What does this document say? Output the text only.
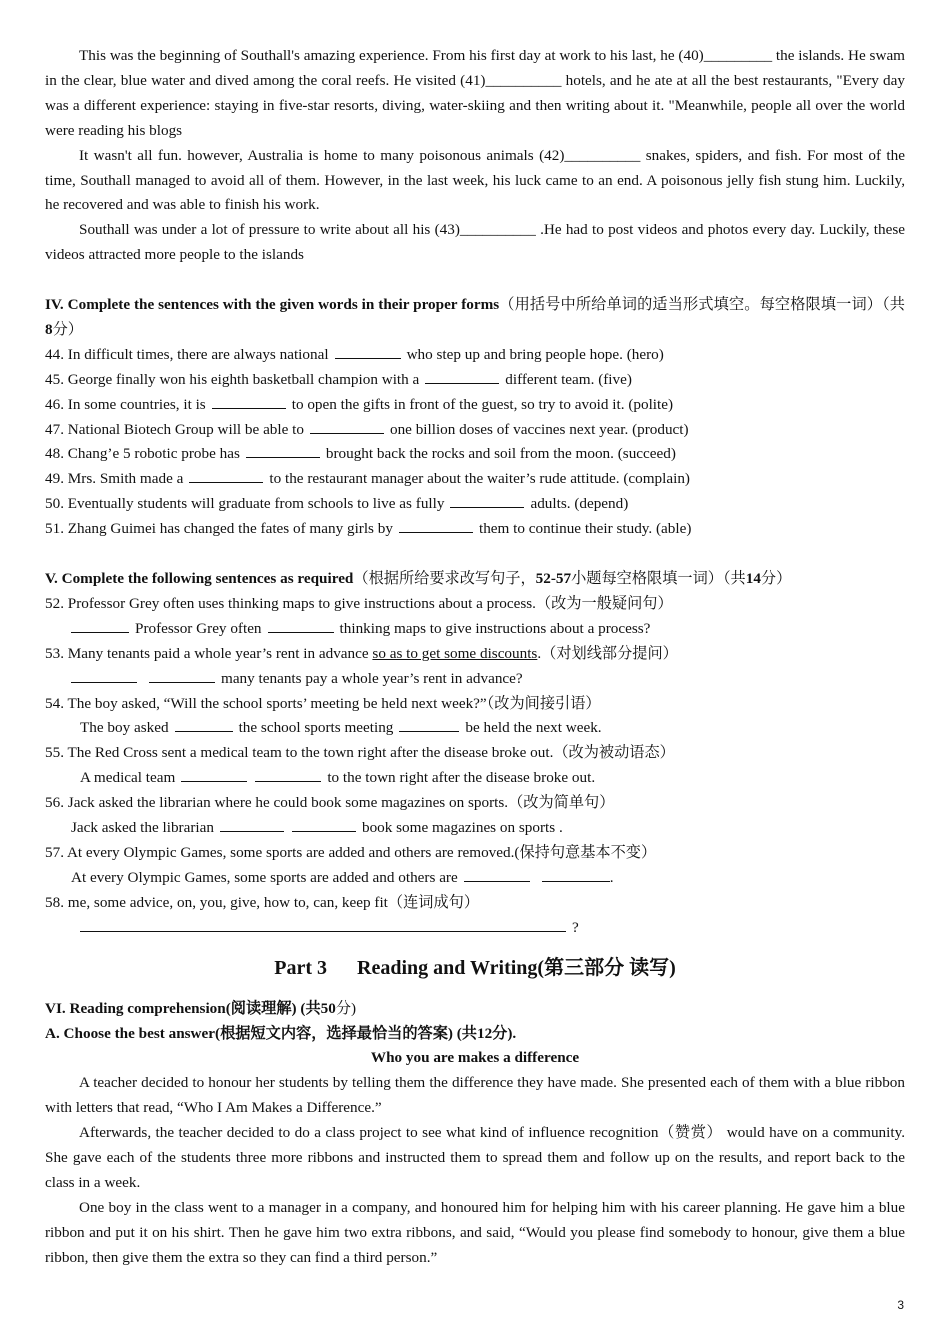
This was the beginning of Southall's amazing experience. From his first day at work to his last, he (40)_________ the islands. He swam in the clear, blue water and dived among the coral reefs. He visited (41)__________ hotels, and he ate at all the best restaurants, "Every day was a different experience: staying in five-star resorts, diving, water-skiing and then writing about it. "Meanwhile, people all over the world were reading his blogs

It wasn't all fun. however, Australia is home to many poisonous animals (42)__________ snakes, spiders, and fish. For most of the time, Southall managed to avoid all of them. However, in the last week, his luck came to an end. A poisonous jelly fish stung him. Luckily, he recovered and was able to finish his work.

Southall was under a lot of pressure to write about all his (43)__________ .He had to post videos and photos every day. Luckily, these videos attracted more people to the islands

IV. Complete the sentences with the given words in their proper forms（用括号中所给单词的适当形式填空。每空格限填一词）（共8分）

44. In difficult times, there are always national	who step up and bring people hope. (hero)
45. George finally won his eighth basketball champion with a	different team. (five)
46. In some countries, it is	to open the gifts in front of the guest, so try to avoid it. (polite)
47. National Biotech Group will be able to	one billion doses of vaccines next year. (product)
48. Chang’e 5 robotic probe has	brought back the rocks and soil from the moon. (succeed)
49. Mrs. Smith made a	to the restaurant manager about the waiter’s rude attitude. (complain)
50. Eventually students will graduate from schools to live as fully	adults. (depend)
51. Zhang Guimei has changed the fates of many girls by	them to continue their study. (able)

V. Complete the following sentences as required（根据所给要求改写句子，52-57小题每空格限填一词）（共14分）

52. Professor Grey often uses thinking maps to give instructions about a process.（改为一般疑问句）
Professor Grey often	thinking maps to give instructions about a process?
53. Many tenants paid a whole year’s rent in advance so as to get some discounts.（对划线部分提问）
many tenants pay a whole year’s rent in advance?
54. The boy asked, “Will the school sports’ meeting be held next week?”（改为间接引语）
The boy asked	the school sports meeting	be held the next week.
55. The Red Cross sent a medical team to the town right after the disease broke out.（改为被动语态）
A medical team	to the town right after the disease broke out.
56. Jack asked the librarian where he could book some magazines on sports.（改为简单句）
Jack asked the librarian	book some magazines on sports .
57. At every Olympic Games, some sports are added and others are removed.(保持句意基本不变）
At every Olympic Games, some sports are added and others are	.
58. me, some advice, on, you, give, how to, can, keep fit（连词成句）
?
Part 3 Reading and Writing(第三部分 读写)

VI. Reading comprehension(阅读理解) (共50分)

A. Choose the best answer(根据短文内容，选择最恰当的答案) (共12分).

Who you are makes a difference

A teacher decided to honour her students by telling them the difference they have made. She presented each of them with a blue ribbon with letters that read, “Who I Am Makes a Difference.”

Afterwards, the teacher decided to do a class project to see what kind of influence recognition（赞赏） would have on a community. She gave each of the students three more ribbons and instructed them to spread them and follow up on the results, and report back to the class in a week.

One boy in the class went to a manager in a company, and honoured him for helping him with his career planning. He gave him a blue ribbon and put it on his shirt. Then he gave him two extra ribbons, and said, “Would you please find somebody to honour, give them a blue ribbon, then give them the extra so they can find a third person.”

3
